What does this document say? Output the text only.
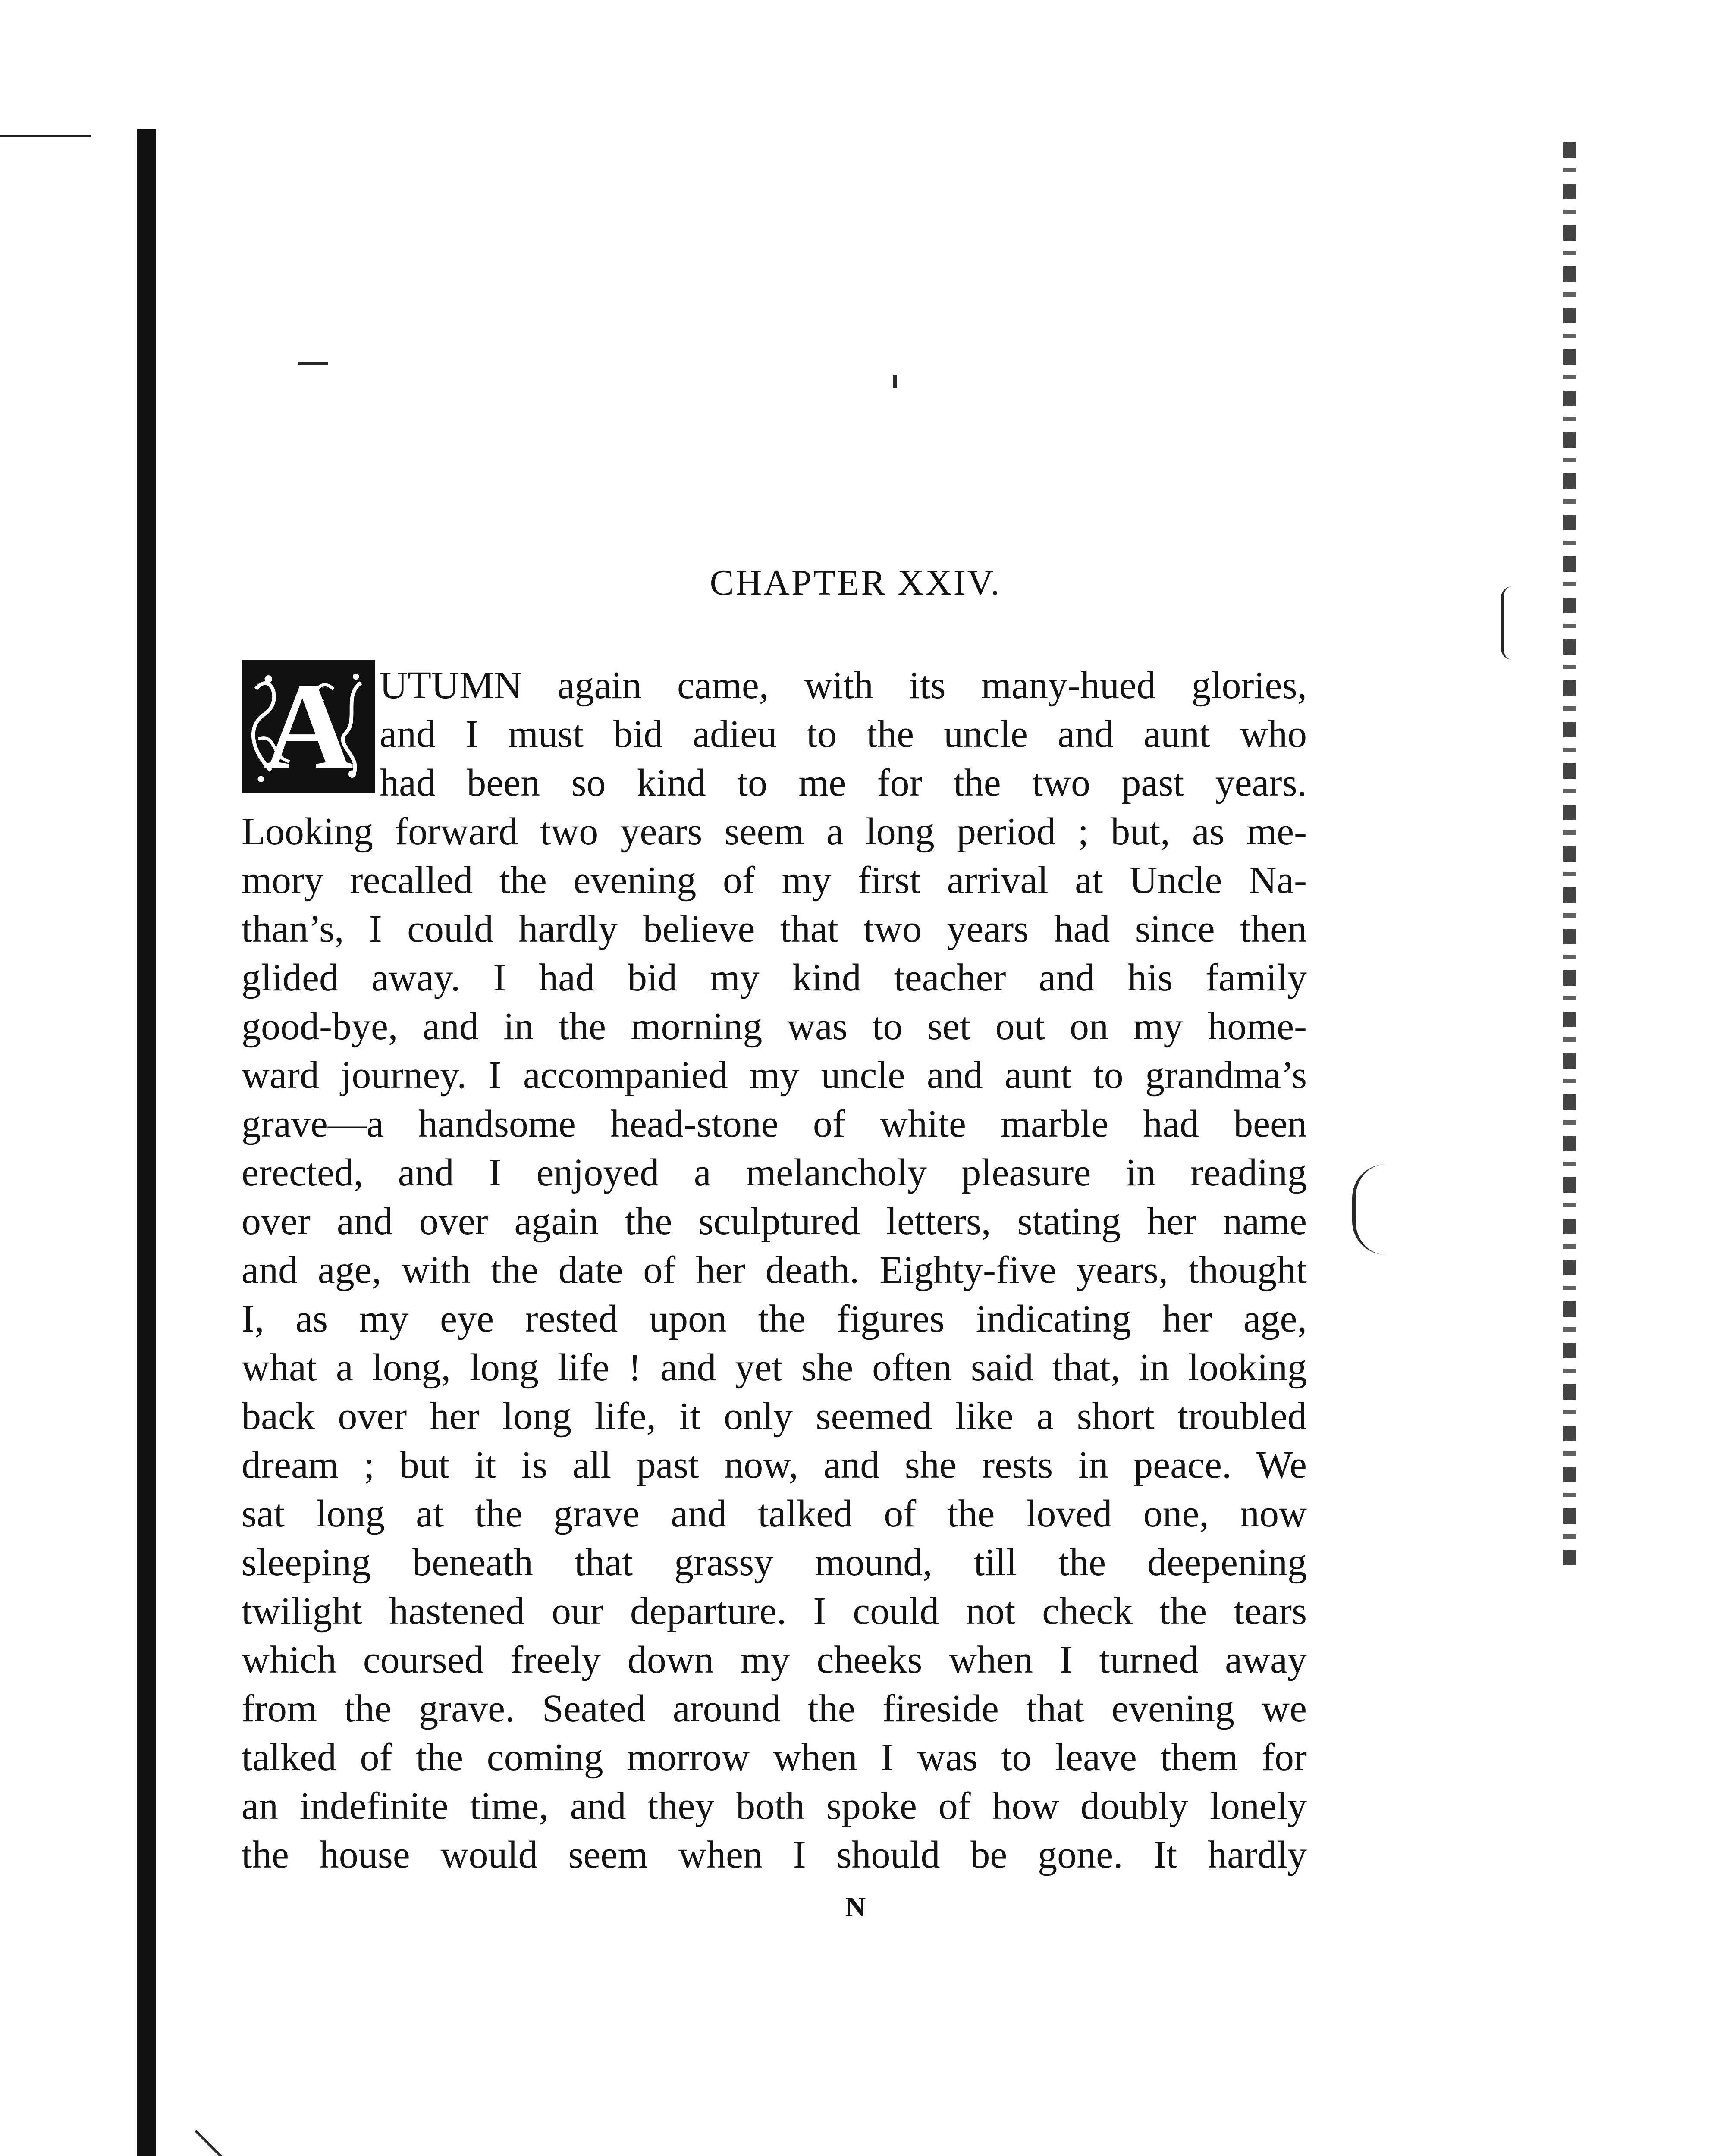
CHAPTER XXIV.
A UTUMN again came, with its many-hued glories,
and I must bid adieu to the uncle and aunt who
had been so kind to me for the two past years.
Looking forward two years seem a long period ; but, as me-
mory recalled the evening of my first arrival at Uncle Na-
than’s, I could hardly believe that two years had since then
glided away. I had bid my kind teacher and his family
good-bye, and in the morning was to set out on my home-
ward journey. I accompanied my uncle and aunt to grandma’s
grave—a handsome head-stone of white marble had been
erected, and I enjoyed a melancholy pleasure in reading
over and over again the sculptured letters, stating her name
and age, with the date of her death. Eighty-five years, thought
I, as my eye rested upon the figures indicating her age,
what a long, long life ! and yet she often said that, in looking
back over her long life, it only seemed like a short troubled
dream ; but it is all past now, and she rests in peace. We
sat long at the grave and talked of the loved one, now
sleeping beneath that grassy mound, till the deepening
twilight hastened our departure. I could not check the tears
which coursed freely down my cheeks when I turned away
from the grave. Seated around the fireside that evening we
talked of the coming morrow when I was to leave them for
an indefinite time, and they both spoke of how doubly lonely
the house would seem when I should be gone. It hardly
N
